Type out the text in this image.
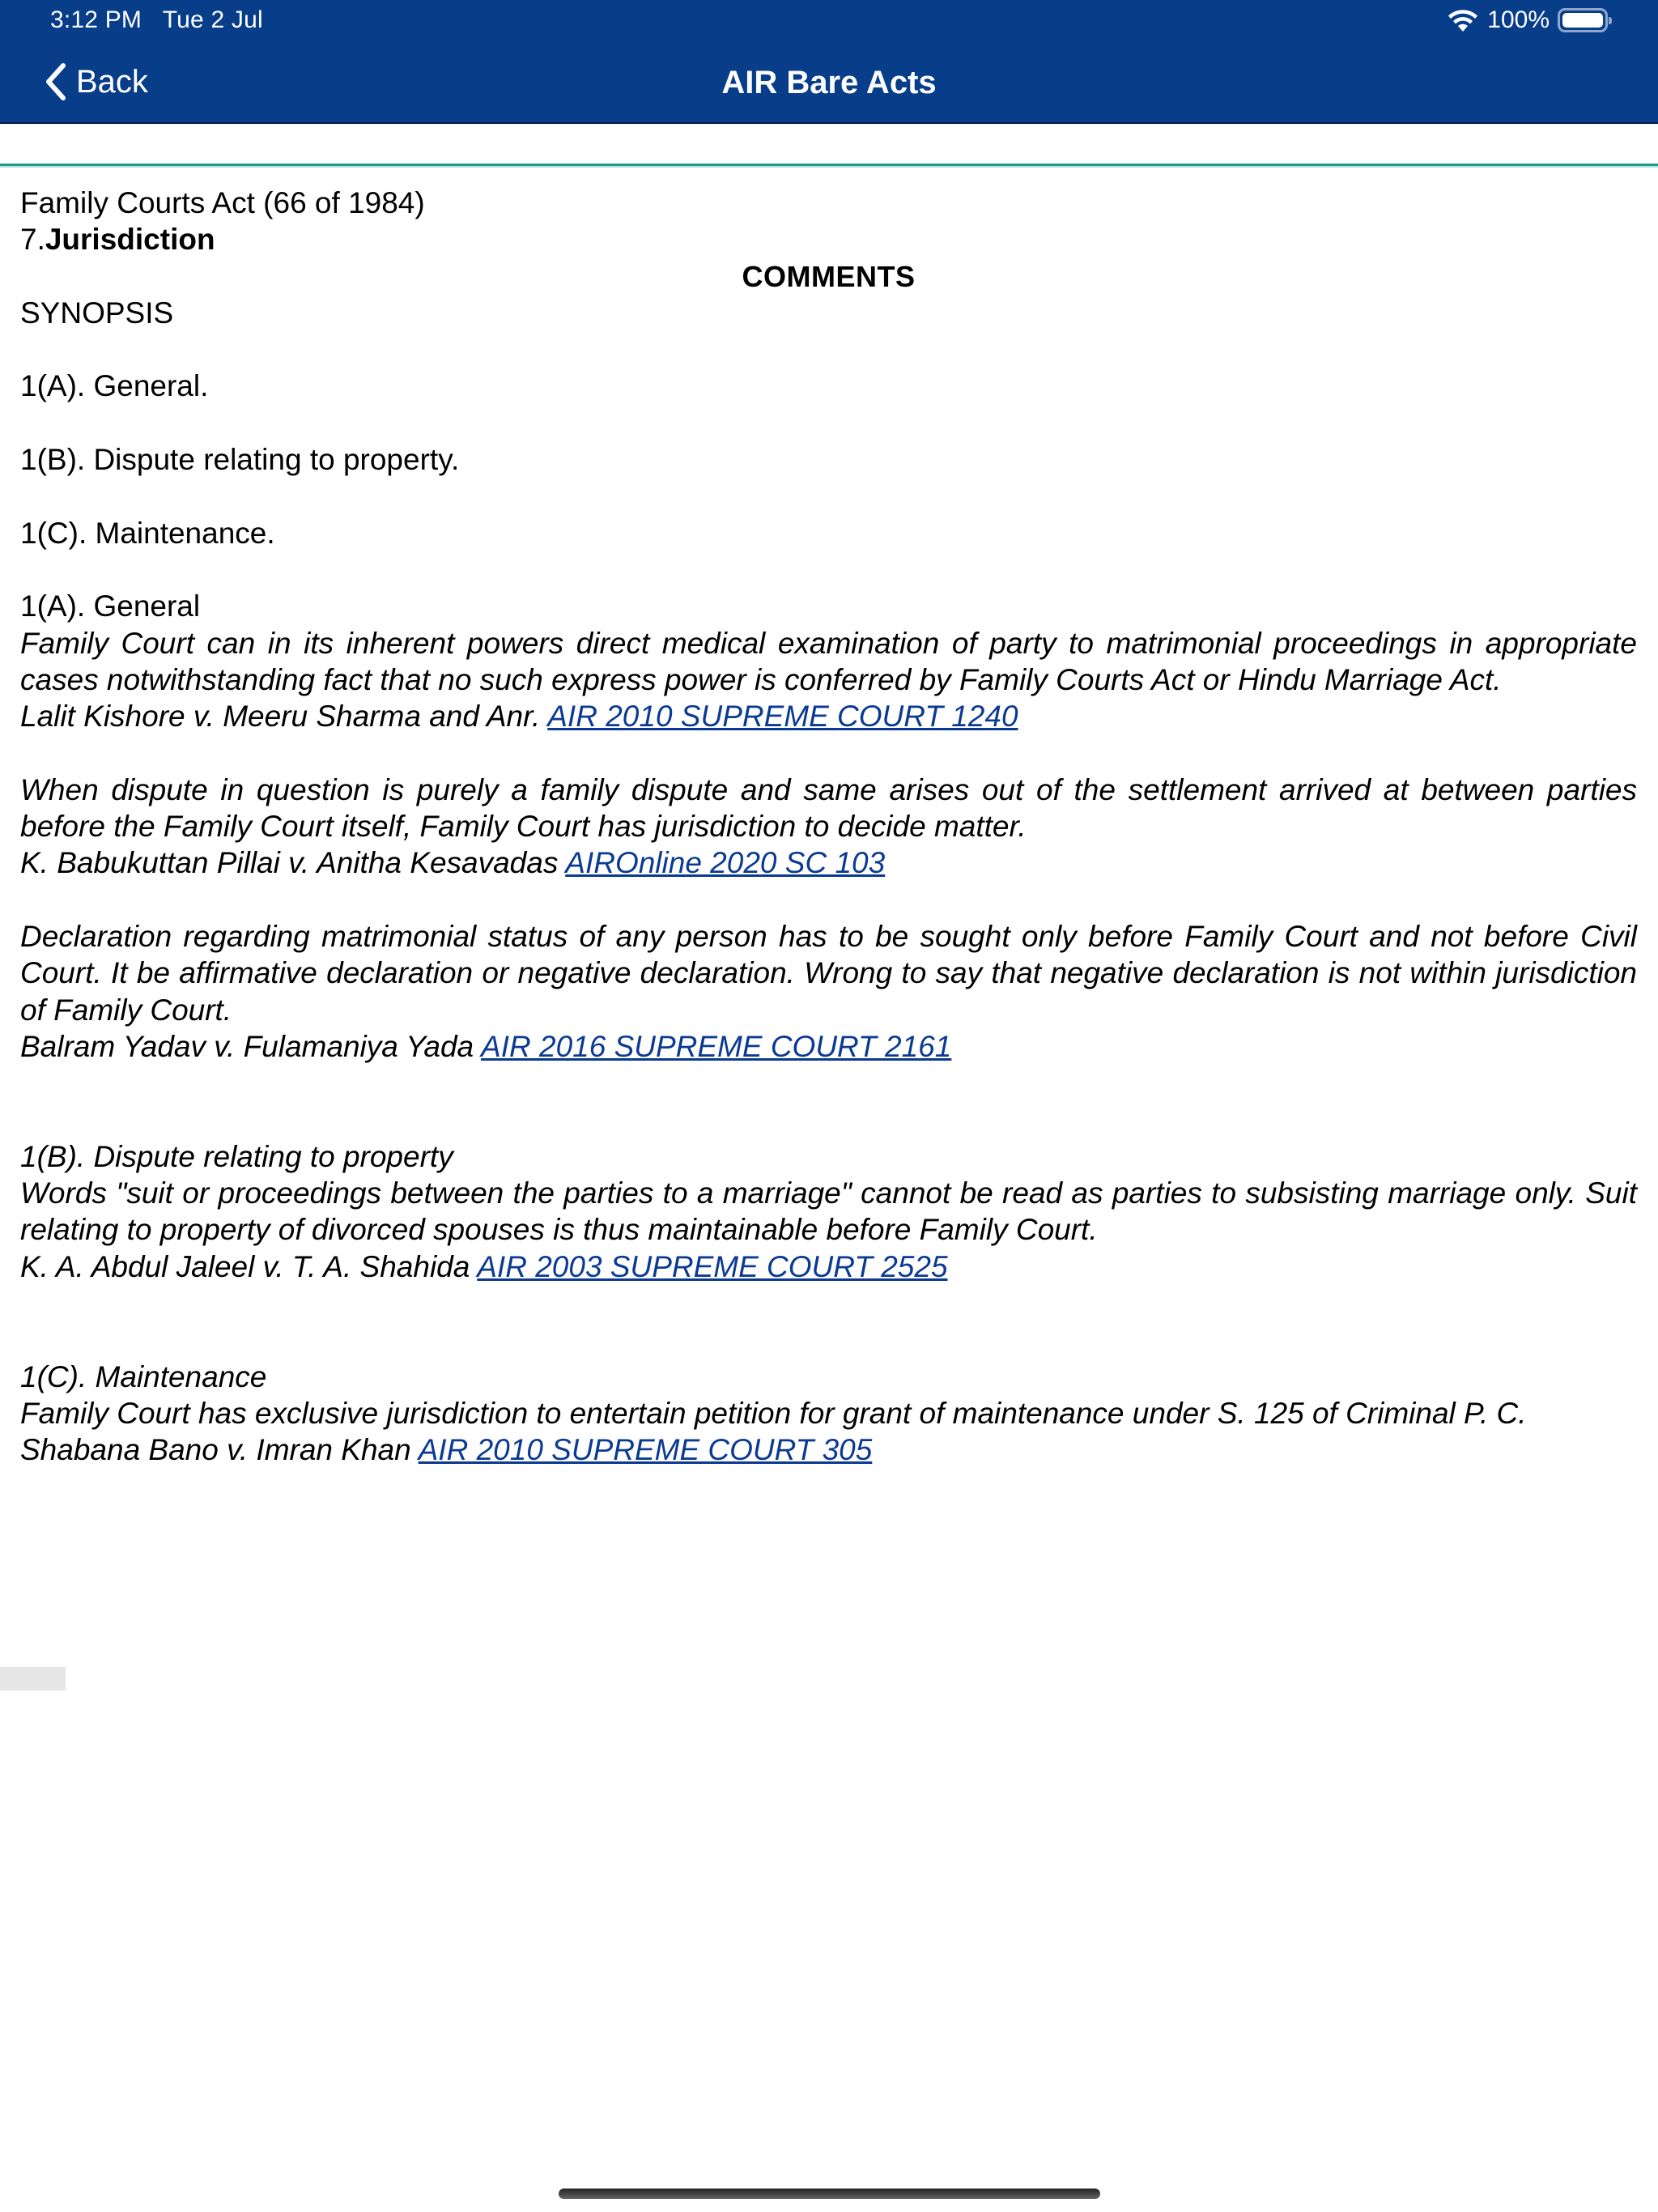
3:12 PM Tue 2 Jul	100%
Back	AIR Bare Acts

Family Courts Act (66 of 1984)

7.Jurisdiction

COMMENTS

SYNOPSIS

1(A). General.

1(B). Dispute relating to property.

1(C). Maintenance.

1(A). General

Family Court can in its inherent powers direct medical examination of party to matrimonial proceedings in appropriate cases notwithstanding fact that no such express power is conferred by Family Courts Act or Hindu Marriage Act.

Lalit Kishore v. Meeru Sharma and Anr. AIR 2010 SUPREME COURT 1240

When dispute in question is purely a family dispute and same arises out of the settlement arrived at between parties before the Family Court itself, Family Court has jurisdiction to decide matter.

K. Babukuttan Pillai v. Anitha Kesavadas AIROnline 2020 SC 103

Declaration regarding matrimonial status of any person has to be sought only before Family Court and not before Civil Court. It be affirmative declaration or negative declaration. Wrong to say that negative declaration is not within jurisdiction of Family Court.

Balram Yadav v. Fulamaniya Yada AIR 2016 SUPREME COURT 2161

1(B). Dispute relating to property

Words "suit or proceedings between the parties to a marriage" cannot be read as parties to subsisting marriage only. Suit relating to property of divorced spouses is thus maintainable before Family Court.

K. A. Abdul Jaleel v. T. A. Shahida AIR 2003 SUPREME COURT 2525

1(C). Maintenance

Family Court has exclusive jurisdiction to entertain petition for grant of maintenance under S. 125 of Criminal P. C.

Shabana Bano v. Imran Khan AIR 2010 SUPREME COURT 305
